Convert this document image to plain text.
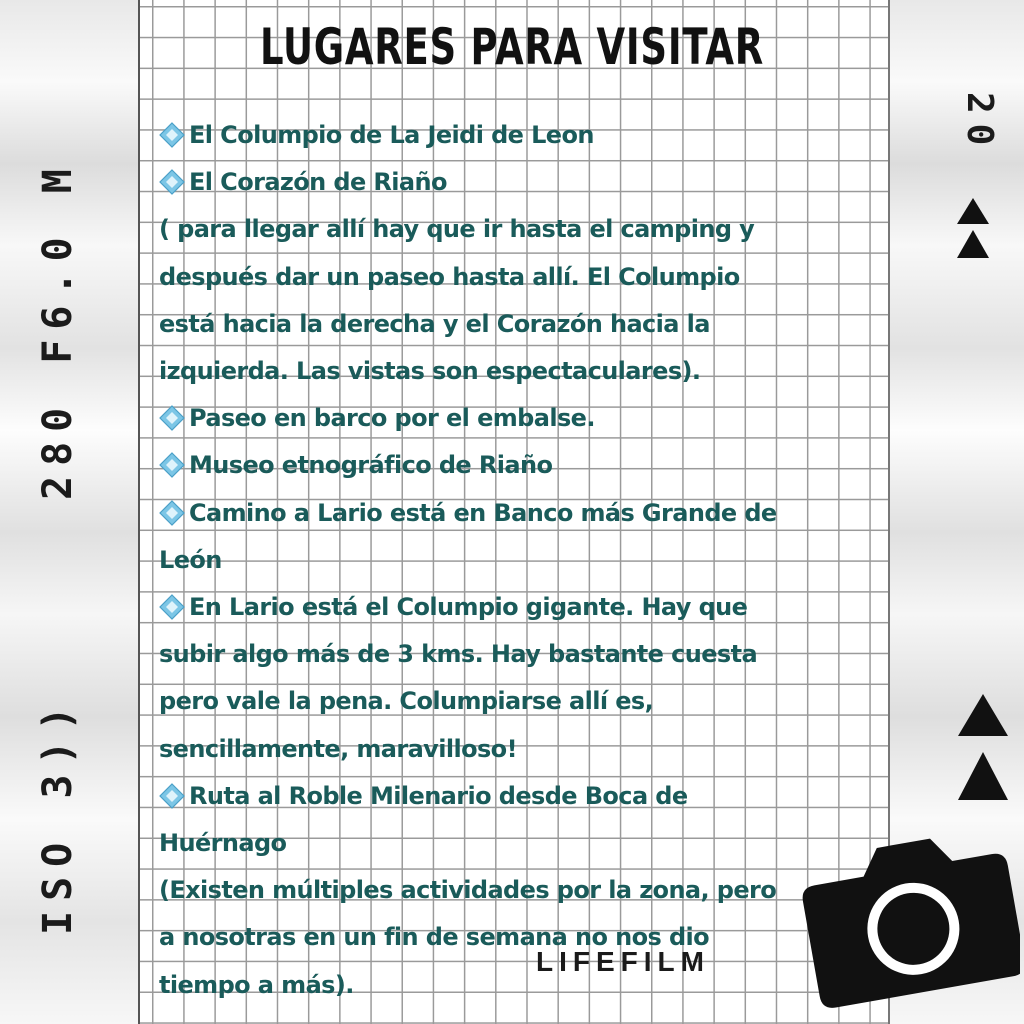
LUGARES PARA VISITAR
El Columpio de La Jeidi de Leon
El Corazón de Riaño
( para llegar allí hay que ir hasta el camping y
después dar un paseo hasta allí. El Columpio
está hacia la derecha y el Corazón hacia la
izquierda. Las vistas son espectaculares).
Paseo en barco por el embalse.
Museo etnográfico de Riaño
Camino a Lario está en Banco más Grande de
León
En Lario está el Columpio gigante. Hay que
subir algo más de 3 kms. Hay bastante cuesta
pero vale la pena. Columpiarse allí es,
sencillamente, maravilloso!
Ruta al Roble Milenario desde Boca de
Huérnago
(Existen múltiples actividades por la zona, pero
a nosotras en un fin de semana no nos dio
tiempo a más).
280 F6.0 M
ISO 3))
20
LIFEFILM
